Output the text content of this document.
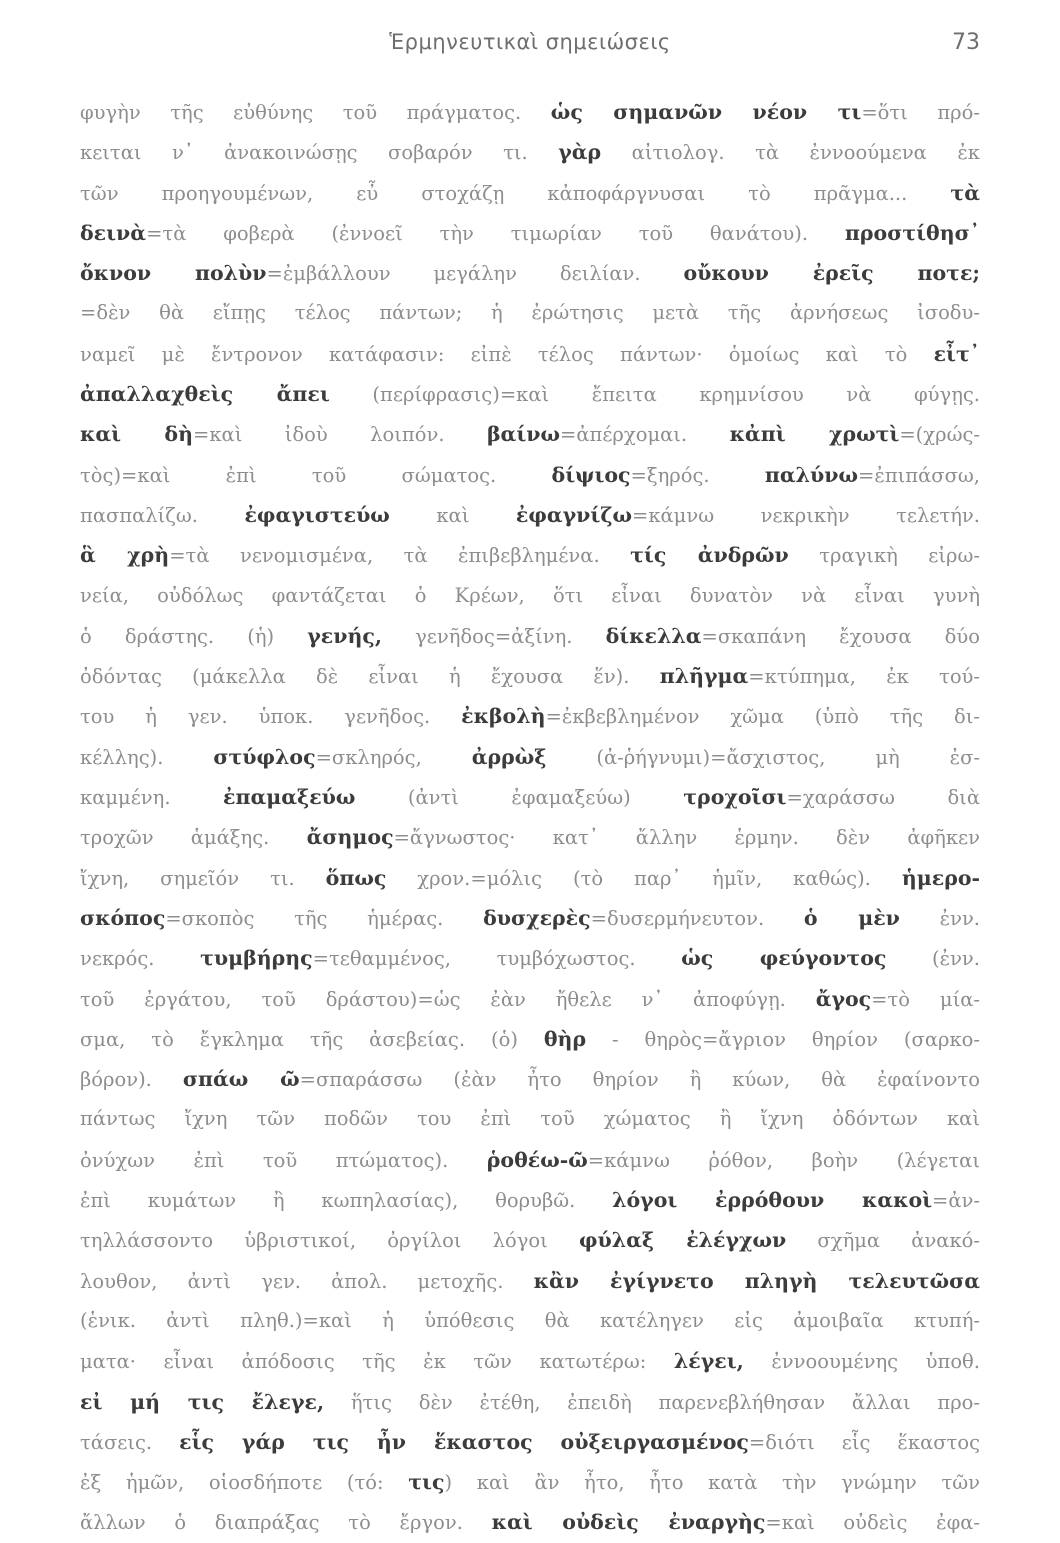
Ἑρμηνευτικαὶ σημειώσεις	73
φυγὴν τῆς εὐθύνης τοῦ πράγματος. ὡς σημανῶν νέον τι=ὅτι πρό-
κειται ν᾽ ἀνακοινώσῃς σοβαρόν τι. γὰρ αἰτιολογ. τὰ ἐννοούμενα ἐκ
τῶν προηγουμένων, εὖ στοχάζῃ κἀποφάργνυσαι τὸ πρᾶγμα... τὰ
δεινὰ=τὰ φοβερὰ (ἐννοεῖ τὴν τιμωρίαν τοῦ θανάτου). προστίθησ᾽
ὄκνον πολὺν=ἐμβάλλουν μεγάλην δειλίαν. οὔκουν ἐρεῖς ποτε;
=δὲν θὰ εἴπῃς τέλος πάντων; ἡ ἐρώτησις μετὰ τῆς ἀρνήσεως ἰσοδυ-
ναμεῖ μὲ ἔντρονον κατάφασιν: εἰπὲ τέλος πάντων· ὁμοίως καὶ τὸ εἶτ᾽
ἀπαλλαχθεὶς ἄπει (περίφρασις)=καὶ ἔπειτα κρημνίσου νὰ φύγῃς.
καὶ δὴ=καὶ ἰδοὺ λοιπόν. βαίνω=ἀπέρχομαι. κἀπὶ χρωτὶ=(χρώς-
τὸς)=καὶ ἐπὶ τοῦ σώματος. δίψιος=ξηρός. παλύνω=ἐπιπάσσω,
πασπαλίζω. ἐφαγιστεύω καὶ ἐφαγνίζω=κάμνω νεκρικὴν τελετήν.
ἃ χρὴ=τὰ νενομισμένα, τὰ ἐπιβεβλημένα. τίς ἀνδρῶν τραγικὴ εἰρω-
νεία, οὐδόλως φαντάζεται ὁ Κρέων, ὅτι εἶναι δυνατὸν νὰ εἶναι γυνὴ
ὁ δράστης. (ἡ) γενής, γενῆδος=ἀξίνη. δίκελλα=σκαπάνη ἔχουσα δύο
ὀδόντας (μάκελλα δὲ εἶναι ἡ ἔχουσα ἕν). πλῆγμα=κτύπημα, ἐκ τού-
του ἡ γεν. ὑποκ. γενῆδος. ἐκβολὴ=ἐκβεβλημένον χῶμα (ὑπὸ τῆς δι-
κέλλης). στύφλος=σκληρός, ἀρρὼξ (ἀ-ῥήγνυμι)=ἄσχιστος, μὴ ἐσ-
καμμένη. ἐπαμαξεύω (ἀντὶ ἐφαμαξεύω) τροχοῖσι=χαράσσω διὰ
τροχῶν ἁμάξης. ἄσημος=ἄγνωστος· κατ᾽ ἄλλην ἑρμην. δὲν ἀφῆκεν
ἴχνη, σημεῖόν τι. ὅπως χρον.=μόλις (τὸ παρ᾽ ἡμῖν, καθώς). ἡμερο-
σκόπος=σκοπὸς τῆς ἡμέρας. δυσχερὲς=δυσερμήνευτον. ὁ μὲν ἐνν.
νεκρός. τυμβήρης=τεθαμμένος, τυμβόχωστος. ὡς φεύγοντος (ἐνν.
τοῦ ἐργάτου, τοῦ δράστου)=ὡς ἐὰν ἤθελε ν᾽ ἀποφύγῃ. ἄγος=τὸ μία-
σμα, τὸ ἔγκλημα τῆς ἀσεβείας. (ὁ) θὴρ - θηρὸς=ἄγριον θηρίον (σαρκο-
βόρον). σπάω ῶ=σπαράσσω (ἐὰν ἦτο θηρίον ἢ κύων, θὰ ἐφαίνοντο
πάντως ἴχνη τῶν ποδῶν του ἐπὶ τοῦ χώματος ἢ ἴχνη ὀδόντων καὶ
ὀνύχων ἐπὶ τοῦ πτώματος). ῥοθέω-ῶ=κάμνω ῥόθον, βοὴν (λέγεται
ἐπὶ κυμάτων ἢ κωπηλασίας), θορυβῶ. λόγοι ἐρρόθουν κακοὶ=ἀν-
τηλλάσσοντο ὑβριστικοί, ὀργίλοι λόγοι φύλαξ ἐλέγχων σχῆμα ἀνακό-
λουθον, ἀντὶ γεν. ἀπολ. μετοχῆς. κἂν ἐγίγνετο πληγὴ τελευτῶσα
(ἑνικ. ἀντὶ πληθ.)=καὶ ἡ ὑπόθεσις θὰ κατέληγεν εἰς ἀμοιβαῖα κτυπή-
ματα· εἶναι ἀπόδοσις τῆς ἐκ τῶν κατωτέρω: λέγει, ἐννοουμένης ὑποθ.
εἰ μή τις ἔλεγε, ἥτις δὲν ἐτέθη, ἐπειδὴ παρενεβλήθησαν ἄλλαι προ-
τάσεις. εἷς γάρ τις ἦν ἕκαστος οὐξειργασμένος=διότι εἷς ἕκαστος
ἐξ ἡμῶν, οἱοσδήποτε (τό: τις) καὶ ἂν ἦτο, ἦτο κατὰ τὴν γνώμην τῶν
ἄλλων ὁ διαπράξας τὸ ἔργον. καὶ οὐδεὶς ἐναργὴς=καὶ οὐδεὶς ἐφα-
